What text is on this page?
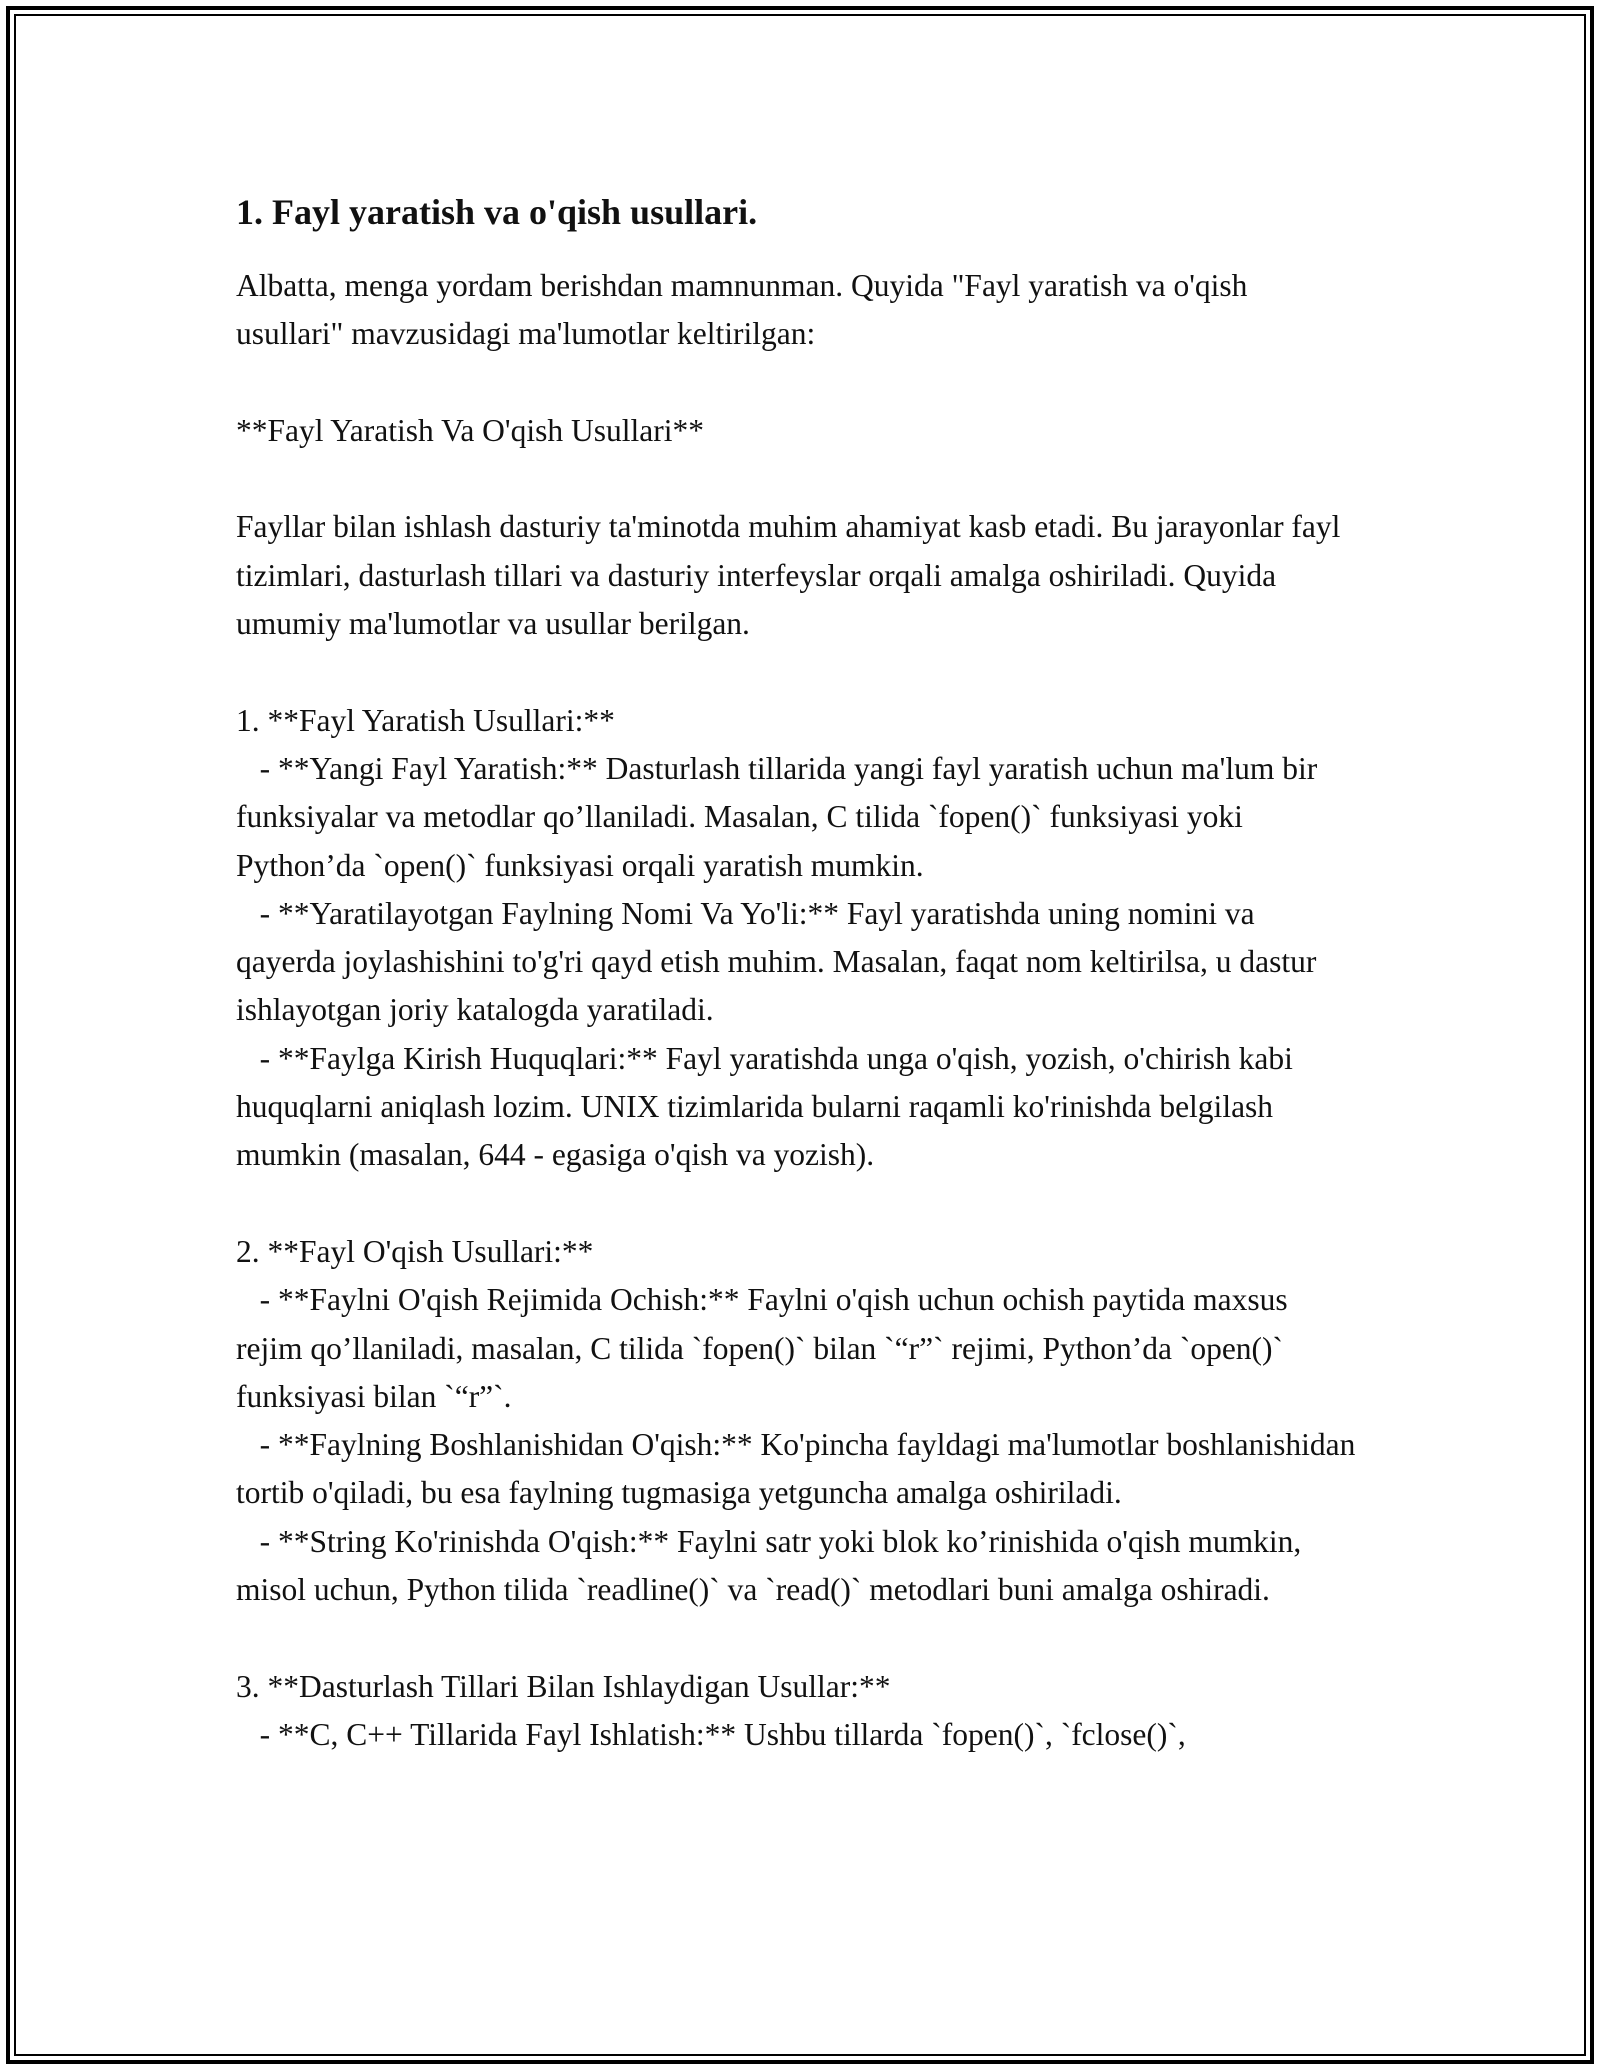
1. Fayl yaratish va o'qish usullari.

Albatta, menga yordam berishdan mamnunman. Quyida "Fayl yaratish va o'qish usullari" mavzusidagi ma'lumotlar keltirilgan:

**Fayl Yaratish Va O'qish Usullari**

Fayllar bilan ishlash dasturiy ta'minotda muhim ahamiyat kasb etadi. Bu jarayonlar fayl tizimlari, dasturlash tillari va dasturiy interfeyslar orqali amalga oshiriladi. Quyida umumiy ma'lumotlar va usullar berilgan.

1. **Fayl Yaratish Usullari:**

- **Yangi Fayl Yaratish:** Dasturlash tillarida yangi fayl yaratish uchun ma'lum bir funksiyalar va metodlar qo’llaniladi. Masalan, C tilida `fopen()` funksiyasi yoki Python’da `open()` funksiyasi orqali yaratish mumkin.

- **Yaratilayotgan Faylning Nomi Va Yo'li:** Fayl yaratishda uning nomini va qayerda joylashishini to'g'ri qayd etish muhim. Masalan, faqat nom keltirilsa, u dastur ishlayotgan joriy katalogda yaratiladi.

- **Faylga Kirish Huquqlari:** Fayl yaratishda unga o'qish, yozish, o'chirish kabi huquqlarni aniqlash lozim. UNIX tizimlarida bularni raqamli ko'rinishda belgilash mumkin (masalan, 644 - egasiga o'qish va yozish).

2. **Fayl O'qish Usullari:**

- **Faylni O'qish Rejimida Ochish:** Faylni o'qish uchun ochish paytida maxsus rejim qo’llaniladi, masalan, C tilida `fopen()` bilan `“r”` rejimi, Python’da `open()` funksiyasi bilan `“r”`.

- **Faylning Boshlanishidan O'qish:** Ko'pincha fayldagi ma'lumotlar boshlanishidan tortib o'qiladi, bu esa faylning tugmasiga yetguncha amalga oshiriladi.

- **String Ko'rinishda O'qish:** Faylni satr yoki blok ko’rinishida o'qish mumkin, misol uchun, Python tilida `readline()` va `read()` metodlari buni amalga oshiradi.

3. **Dasturlash Tillari Bilan Ishlaydigan Usullar:**

- **C, C++ Tillarida Fayl Ishlatish:** Ushbu tillarda `fopen()`, `fclose()`,
